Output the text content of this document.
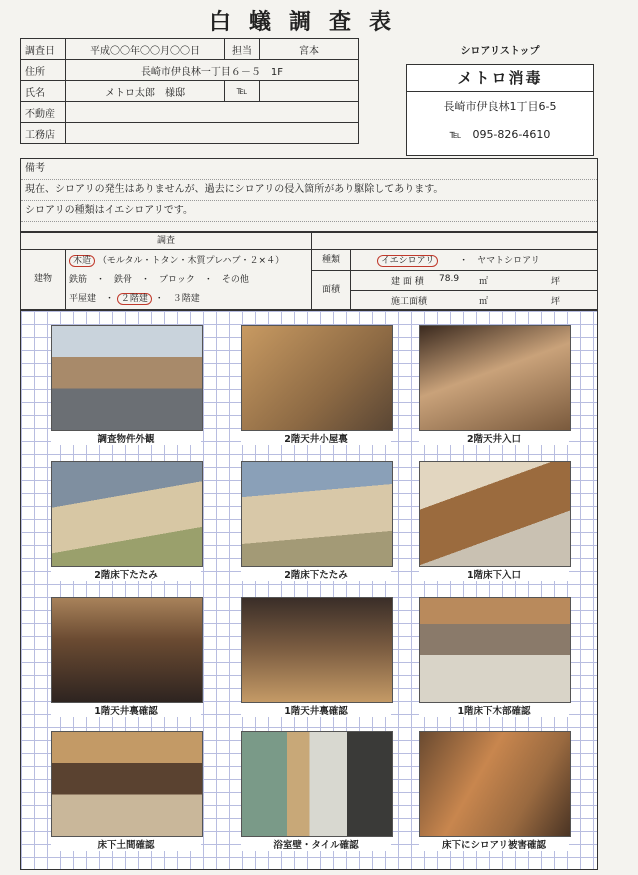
白蟻調査表
調査日	平成〇〇年〇〇月〇〇日	担当	宮本	
住所	長崎市伊良林一丁目６－５　1F			
氏名	メトロ太郎　様邸	℡		
不動産				
工務店				
シロアリストップ
メトロ消毒
長崎市伊良林1丁目6-5
℡　095-826-4610
備考
現在、シロアリの発生はありませんが、過去にシロアリの侵入箇所があり駆除してあります。
シロアリの種類はイエシロアリです。
調査
建物
木造 （モルタル・トタン・木質プレハブ・２×４）
鉄筋　・　鉄骨　・　ブロック　・　その他
平屋建　・ ２階建 ・　３階建
種類	イエシロアリ	・　ヤマトシロアリ
面積
建 面 積 78.9 ㎡	坪
施工面積	㎡	坪
調査物件外観	2階天井小屋裏	2階天井入口
2階床下たたみ	2階床下たたみ	1階床下入口
1階天井裏確認	1階天井裏確認	1階床下木部確認
床下土間確認	浴室壁・タイル確認	床下にシロアリ被害確認
